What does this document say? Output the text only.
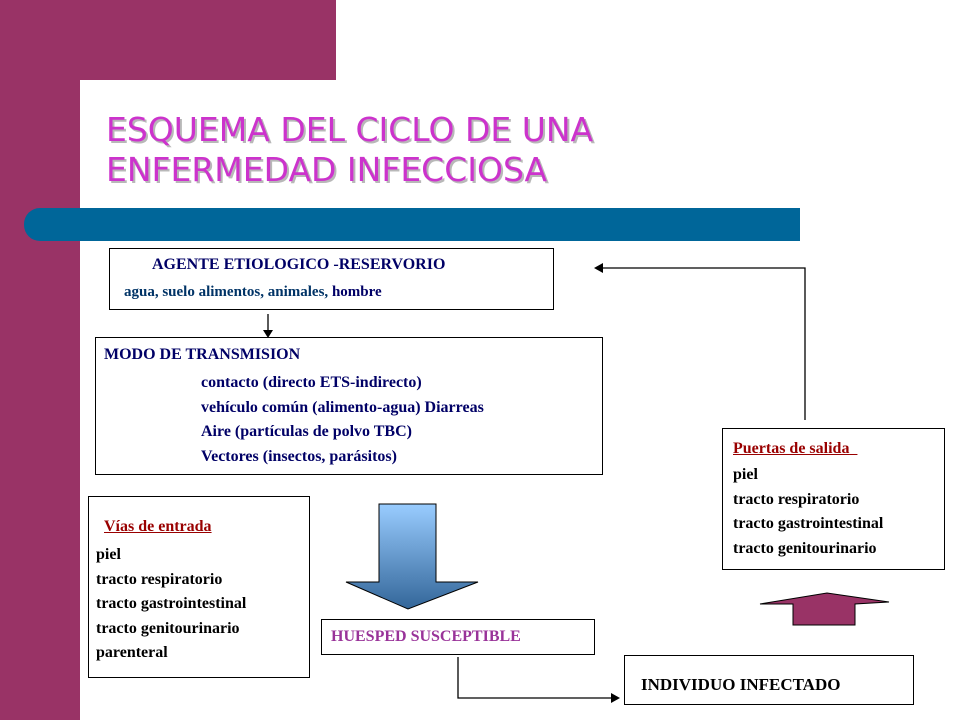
ESQUEMA DEL CICLO DE UNA
ENFERMEDAD INFECCIOSA
AGENTE ETIOLOGICO -RESERVORIO
agua, suelo alimentos, animales, hombre
MODO DE TRANSMISION
contacto (directo ETS-indirecto)
vehículo común (alimento-agua) Diarreas
Aire (partículas de polvo TBC)
Vectores (insectos, parásitos)
Vías de entrada
piel
tracto respiratorio
tracto gastrointestinal
tracto genitourinario
parenteral
Puertas de salida
piel
tracto respiratorio
tracto gastrointestinal
tracto genitourinario
HUESPED SUSCEPTIBLE
INDIVIDUO INFECTADO
